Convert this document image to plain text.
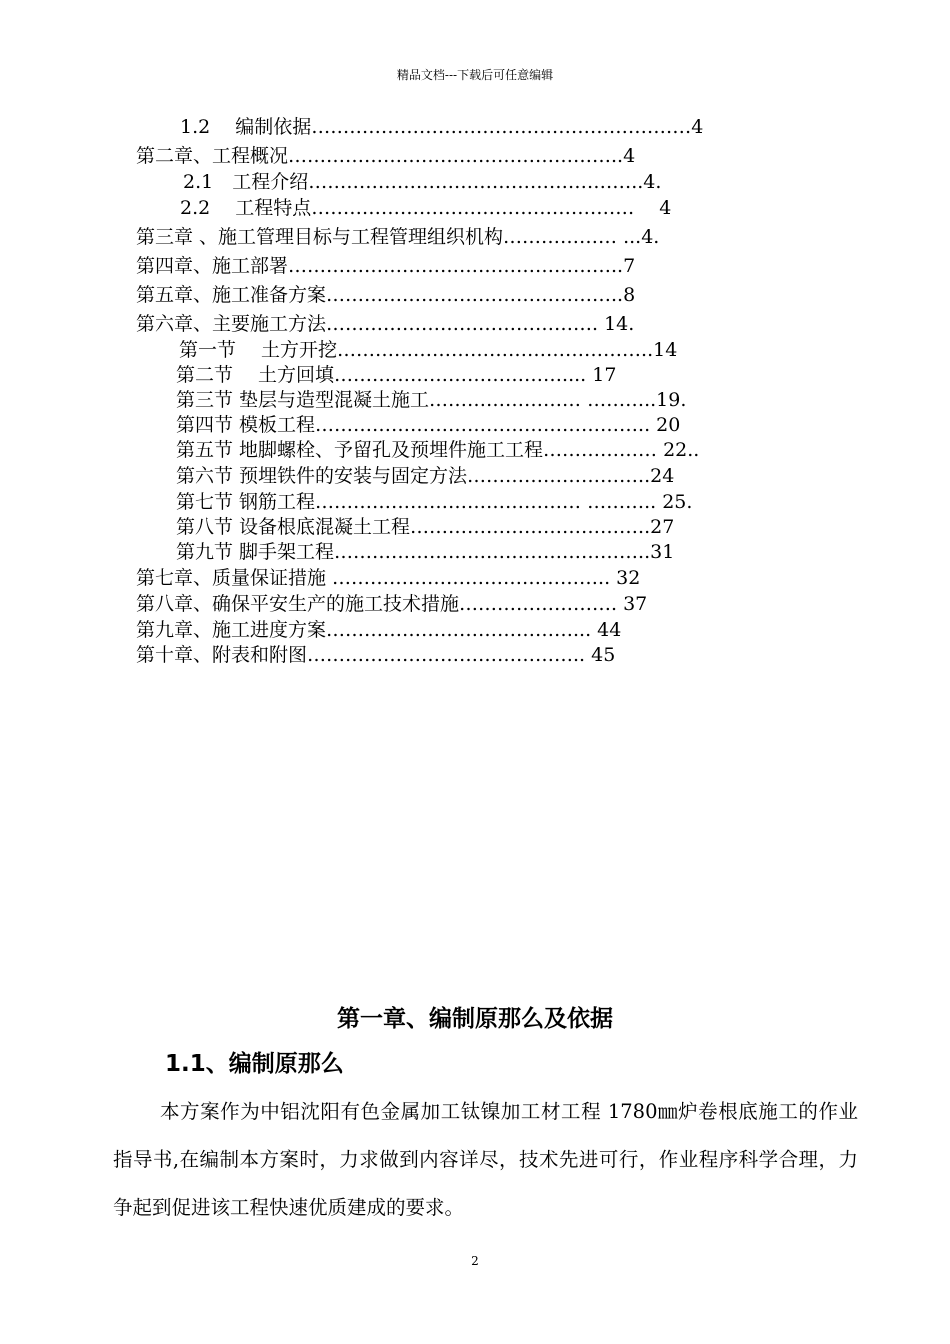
精品文档---下载后可任意编辑
1.2　 编制依据……………………………………………………4
第二章、工程概况……………………………………………..4
2.1　工程介绍……………………………………………..4.
2.2　 工程特点…………………………………………… 　4
第三章 、施工管理目标与工程管理组织机构……………… ...4.
第四章、施工部署……………………………………………..7
第五章、施工准备方案………………………………………..8
第六章、主要施工方法……………………………………. 14.
第一节　 土方开挖…………………………………………..14
第二节　 土方回填……………………………….... 17
第三节 垫层与造型混凝土施工…………………… ………..19.
第四节 模板工程…………………………………………….. 20
第五节 地脚螺栓、予留孔及预埋件施工工程……………… 22..
第六节 预埋铁件的安装与固定方法………………………..24
第七节 钢筋工程…………………………………… ……….. 25.
第八节 设备根底混凝土工程………………………………..27
第九节 脚手架工程…………………………………………..31
第七章、质量保证措施 …………………………………….. 32
第八章、确保平安生产的施工技术措施……………………. 37
第九章、施工进度方案…………………………………... 44
第十章、附表和附图…………………………………….. 45
第一章、编制原那么及依据
1.1、编制原那么

本方案作为中铝沈阳有色金属加工钛镍加工材工程 1780㎜炉卷根底施工的作业指导书,在编制本方案时，力求做到内容详尽，技术先进可行，作业程序科学合理，力争起到促进该工程快速优质建成的要求。

2
